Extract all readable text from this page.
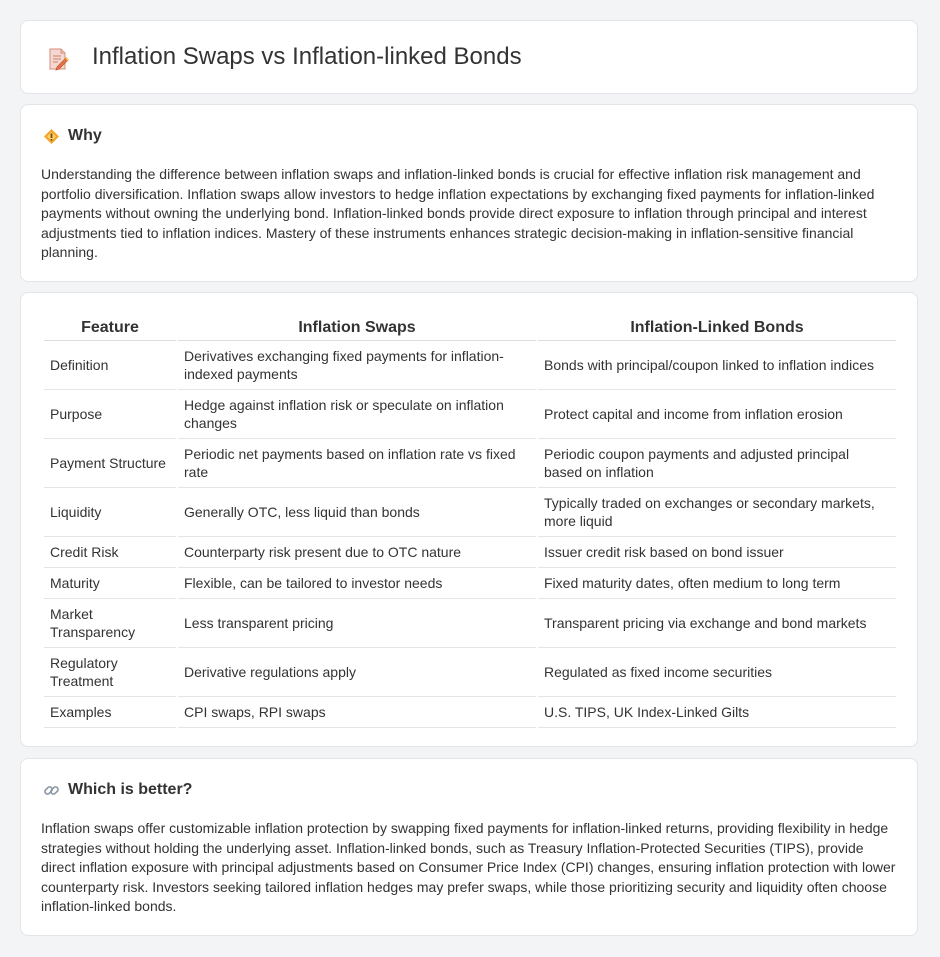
Inflation Swaps vs Inflation-linked Bonds
Why

Understanding the difference between inflation swaps and inflation-linked bonds is crucial for effective inflation risk management and portfolio diversification. Inflation swaps allow investors to hedge inflation expectations by exchanging fixed payments for inflation-linked payments without owning the underlying bond. Inflation-linked bonds provide direct exposure to inflation through principal and interest adjustments tied to inflation indices. Mastery of these instruments enhances strategic decision-making in inflation-sensitive financial planning.

Feature	Inflation Swaps	Inflation-Linked Bonds
Definition	Derivatives exchanging fixed payments for inflation-indexed payments	Bonds with principal/coupon linked to inflation indices
Purpose	Hedge against inflation risk or speculate on inflation changes	Protect capital and income from inflation erosion
Payment Structure	Periodic net payments based on inflation rate vs fixed rate	Periodic coupon payments and adjusted principal based on inflation
Liquidity	Generally OTC, less liquid than bonds	Typically traded on exchanges or secondary markets, more liquid
Credit Risk	Counterparty risk present due to OTC nature	Issuer credit risk based on bond issuer
Maturity	Flexible, can be tailored to investor needs	Fixed maturity dates, often medium to long term
Market Transparency	Less transparent pricing	Transparent pricing via exchange and bond markets
Regulatory Treatment	Derivative regulations apply	Regulated as fixed income securities
Examples	CPI swaps, RPI swaps	U.S. TIPS, UK Index-Linked Gilts
Which is better?

Inflation swaps offer customizable inflation protection by swapping fixed payments for inflation-linked returns, providing flexibility in hedge strategies without holding the underlying asset. Inflation-linked bonds, such as Treasury Inflation-Protected Securities (TIPS), provide direct inflation exposure with principal adjustments based on Consumer Price Index (CPI) changes, ensuring inflation protection with lower counterparty risk. Investors seeking tailored inflation hedges may prefer swaps, while those prioritizing security and liquidity often choose inflation-linked bonds.
